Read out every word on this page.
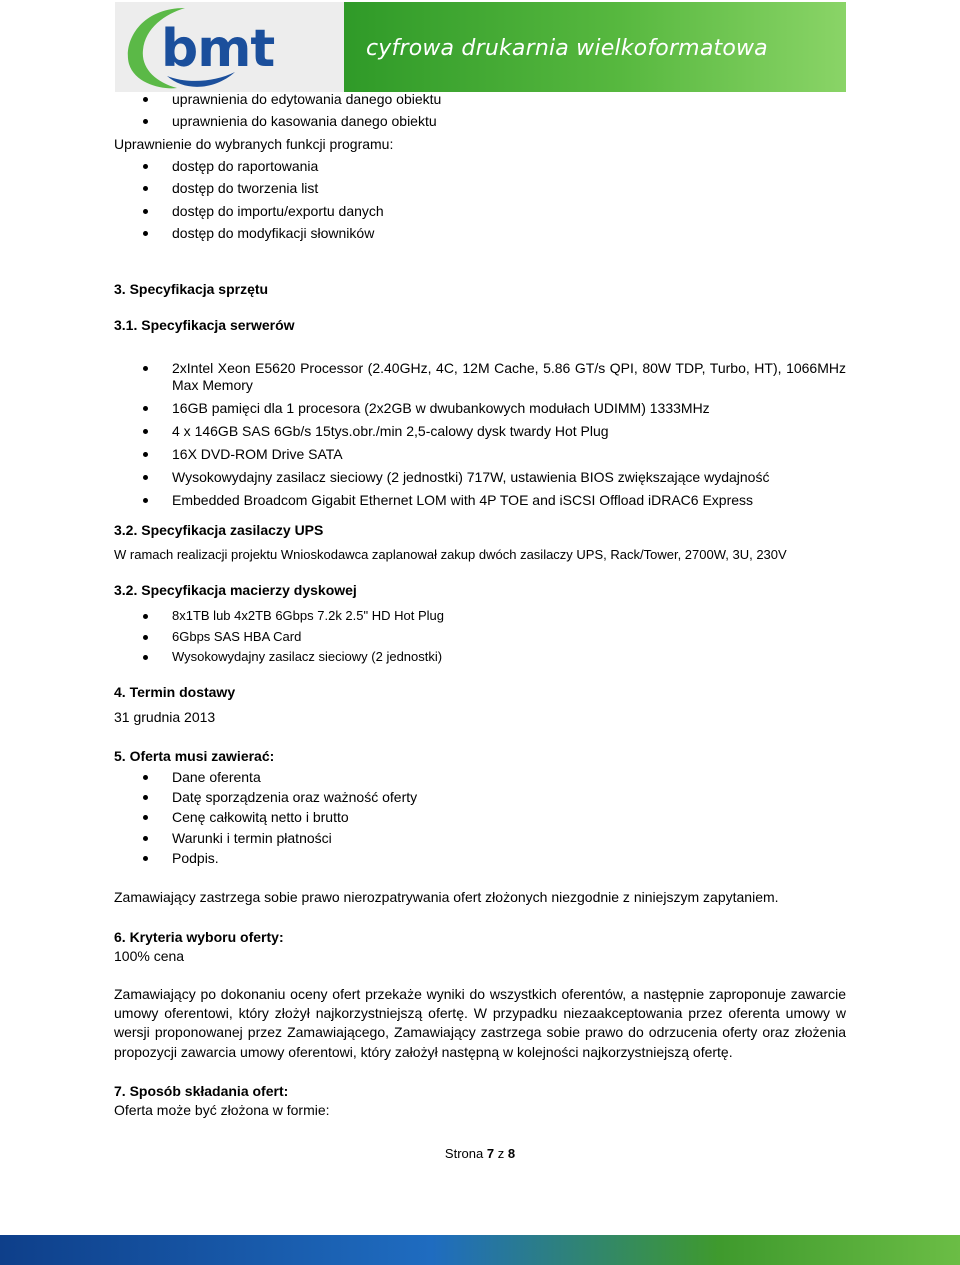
bmt	cyfrowa drukarnia wielkoformatowa
uprawnienia do edytowania danego obiektu
uprawnienia do kasowania danego obiektu

Uprawnienie do wybranych funkcji programu:

dostęp do raportowania
dostęp do tworzenia list
dostęp do importu/exportu danych
dostęp do modyfikacji słowników

3. Specyfikacja sprzętu

3.1. Specyfikacja serwerów

2xIntel Xeon E5620 Processor (2.40GHz, 4C, 12M Cache, 5.86 GT/s QPI, 80W TDP, Turbo, HT), 1066MHz Max Memory
16GB pamięci dla 1 procesora (2x2GB w dwubankowych modułach UDIMM) 1333MHz
4 x 146GB SAS 6Gb/s 15tys.obr./min 2,5-calowy dysk twardy Hot Plug
16X DVD-ROM Drive SATA
Wysokowydajny zasilacz sieciowy (2 jednostki) 717W, ustawienia BIOS zwiększające wydajność
Embedded Broadcom Gigabit Ethernet LOM with 4P TOE and iSCSI Offload iDRAC6 Express

3.2. Specyfikacja zasilaczy UPS

W ramach realizacji projektu Wnioskodawca zaplanował zakup dwóch zasilaczy UPS, Rack/Tower, 2700W, 3U, 230V

3.2. Specyfikacja macierzy dyskowej

8x1TB lub 4x2TB 6Gbps 7.2k 2.5" HD Hot Plug
6Gbps SAS HBA Card
Wysokowydajny zasilacz sieciowy (2 jednostki)

4. Termin dostawy

31 grudnia 2013

5. Oferta musi zawierać:

Dane oferenta
Datę sporządzenia oraz ważność oferty
Cenę całkowitą netto i brutto
Warunki i termin płatności
Podpis.

Zamawiający zastrzega sobie prawo nierozpatrywania ofert złożonych niezgodnie z niniejszym zapytaniem.

6. Kryteria wyboru oferty:

100% cena

Zamawiający po dokonaniu oceny ofert przekaże wyniki do wszystkich oferentów, a następnie zaproponuje zawarcie umowy oferentowi, który złożył najkorzystniejszą ofertę. W przypadku niezaakceptowania przez oferenta umowy w wersji proponowanej przez Zamawiającego, Zamawiający zastrzega sobie prawo do odrzucenia oferty oraz złożenia propozycji zawarcia umowy oferentowi, który założył następną w kolejności najkorzystniejszą ofertę.

7. Sposób składania ofert:

Oferta może być złożona w formie:

Strona 7 z 8
